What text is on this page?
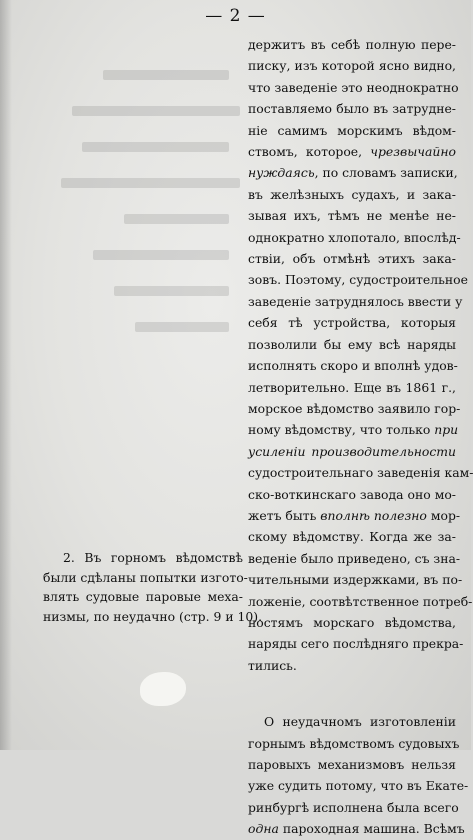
— 2 —
держитъ въ себѣ полную пере-
писку, изъ которой ясно видно,
что заведеніе это неоднократно
поставляемо было въ затрудне-
ніе самимъ морскимъ вѣдом-
ствомъ, которое, чрезвычайно
нуждаясь, по словамъ записки,
въ желѣзныхъ судахъ, и зака-
зывая ихъ, тѣмъ не менѣе не-
однократно хлопотало, впослѣд-
ствіи, объ отмѣнѣ этихъ зака-
зовъ. Поэтому, судостроительное
заведеніе затруднялось ввести у
себя тѣ устройства, которыя
позволили бы ему всѣ наряды
исполнять скоро и вполнѣ удов-
летворительно. Еще въ 1861 г.,
морское вѣдомство заявило гор-
ному вѣдомству, что только при
усиленіи производительности
судостроительнаго заведенія кам-
ско-воткинскаго завода оно мо-
жетъ быть вполнѣ полезно мор-
скому вѣдомству. Когда же за-
веденіе было приведено, съ зна-
чительными издержками, въ по-
ложеніе, соотвѣтственное потреб-
ностямъ морскаго вѣдомства,
наряды сего послѣдняго прекра-
тились.
О неудачномъ изготовленіи
горнымъ вѣдомствомъ судовыхъ
паровыхъ механизмовъ нельзя
уже судить потому, что въ Екате-
ринбургѣ исполнена была всего
одна пароходная машина. Всѣмъ
2. Въ горномъ вѣдомствѣ
были сдѣланы попытки изгото-
влять судовые паровые меха-
низмы, по неудачно (стр. 9 и 10).
